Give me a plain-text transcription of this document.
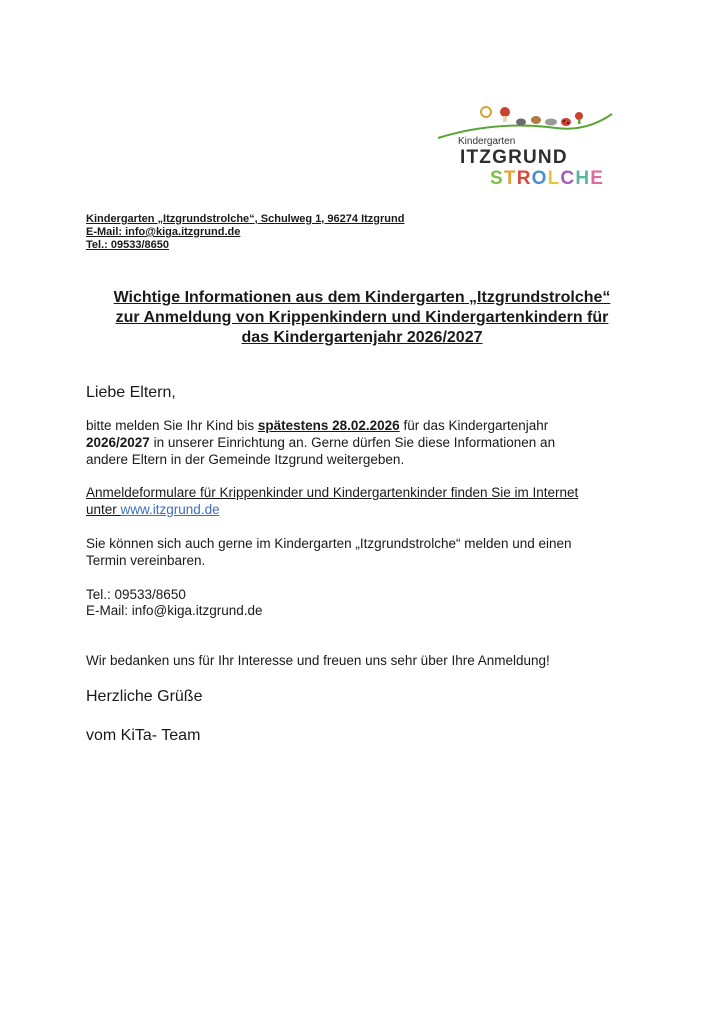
Kindergarten
ITZGRUND
STROLCHE
Kindergarten „Itzgrundstrolche“, Schulweg 1, 96274 Itzgrund
E-Mail: info@kiga.itzgrund.de
Tel.: 09533/8650
Wichtige Informationen aus dem Kindergarten „Itzgrundstrolche“
zur Anmeldung von Krippenkindern und Kindergartenkindern für
das Kindergartenjahr 2026/2027
Liebe Eltern,
bitte melden Sie Ihr Kind bis spätestens 28.02.2026 für das Kindergartenjahr
2026/2027 in unserer Einrichtung an. Gerne dürfen Sie diese Informationen an
andere Eltern in der Gemeinde Itzgrund weitergeben.
Anmeldeformulare für Krippenkinder und Kindergartenkinder finden Sie im Internet
unter www.itzgrund.de
Sie können sich auch gerne im Kindergarten „Itzgrundstrolche“ melden und einen
Termin vereinbaren.
Tel.: 09533/8650
E-Mail: info@kiga.itzgrund.de
Wir bedanken uns für Ihr Interesse und freuen uns sehr über Ihre Anmeldung!
Herzliche Grüße
vom KiTa- Team
